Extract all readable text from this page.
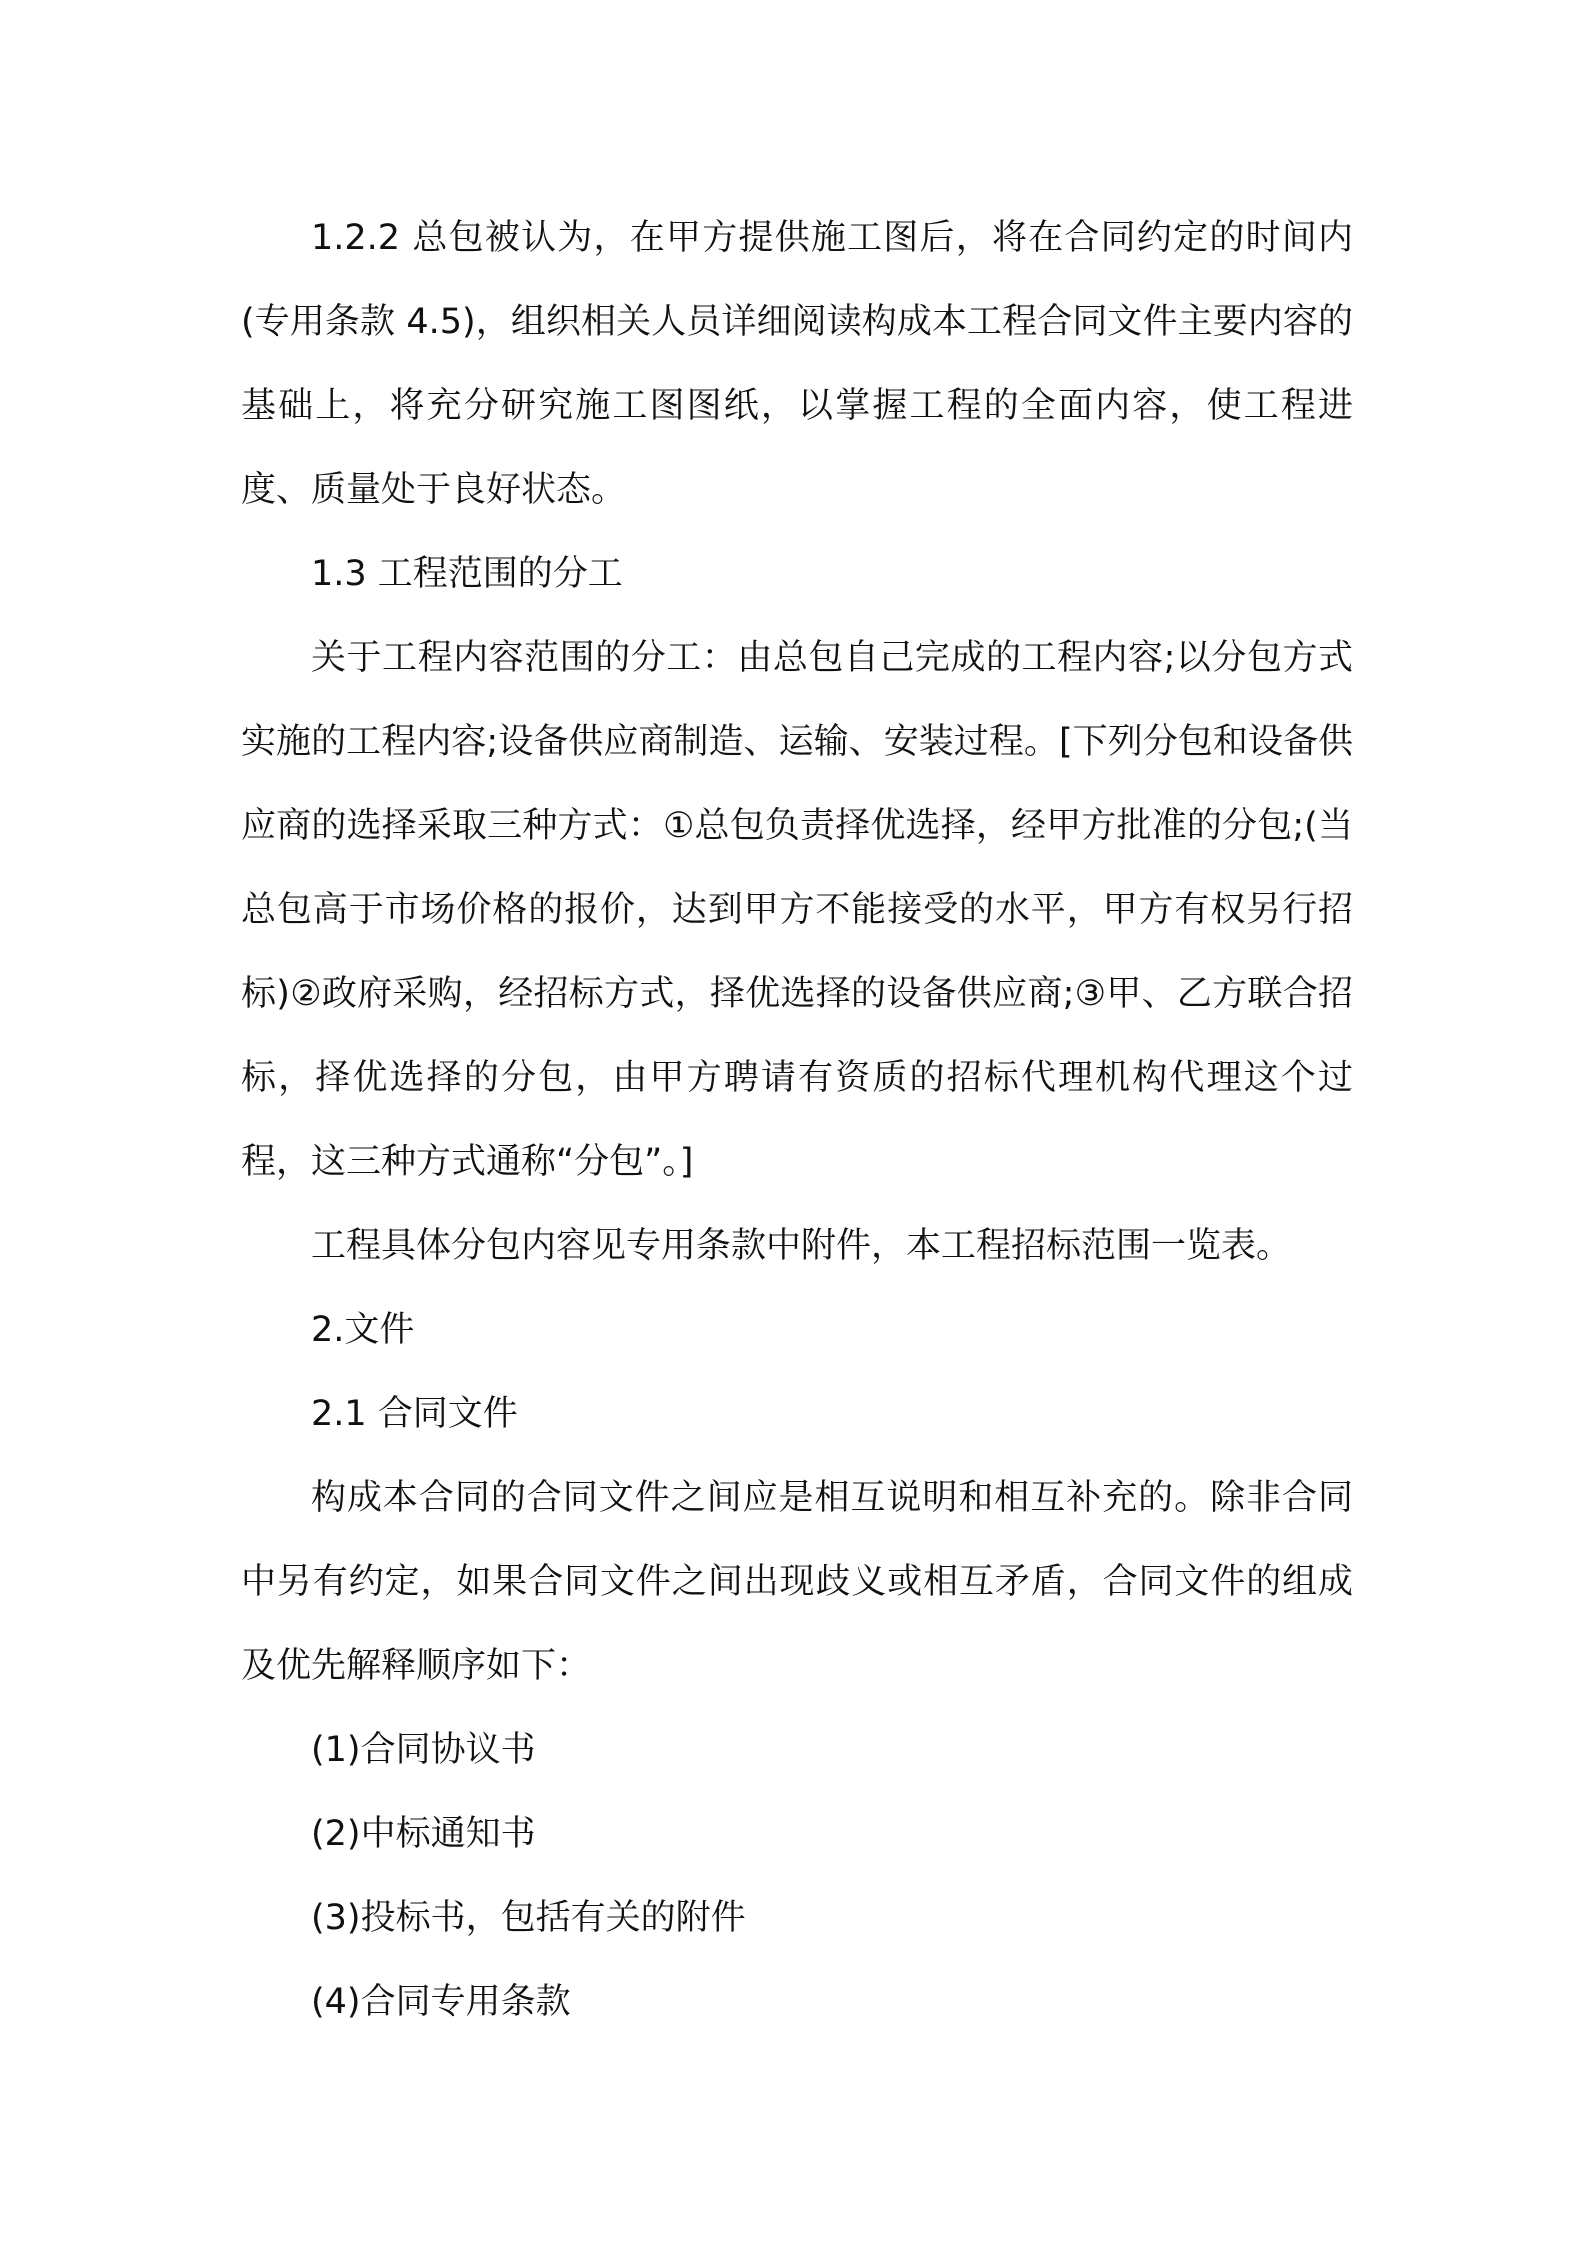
1.2.2 总包被认为，在甲方提供施工图后，将在合同约定的时间内(专用条款 4.5)，组织相关人员详细阅读构成本工程合同文件主要内容的基础上，将充分研究施工图图纸，以掌握工程的全面内容，使工程进度、质量处于良好状态。

1.3 工程范围的分工

关于工程内容范围的分工：由总包自己完成的工程内容;以分包方式实施的工程内容;设备供应商制造、运输、安装过程。[下列分包和设备供应商的选择采取三种方式：①总包负责择优选择，经甲方批准的分包;(当总包高于市场价格的报价，达到甲方不能接受的水平，甲方有权另行招标)②政府采购，经招标方式，择优选择的设备供应商;③甲、乙方联合招标，择优选择的分包，由甲方聘请有资质的招标代理机构代理这个过程，这三种方式通称“分包”。]

工程具体分包内容见专用条款中附件，本工程招标范围一览表。

2.文件

2.1 合同文件

构成本合同的合同文件之间应是相互说明和相互补充的。除非合同中另有约定，如果合同文件之间出现歧义或相互矛盾，合同文件的组成及优先解释顺序如下：

(1)合同协议书

(2)中标通知书

(3)投标书，包括有关的附件

(4)合同专用条款
